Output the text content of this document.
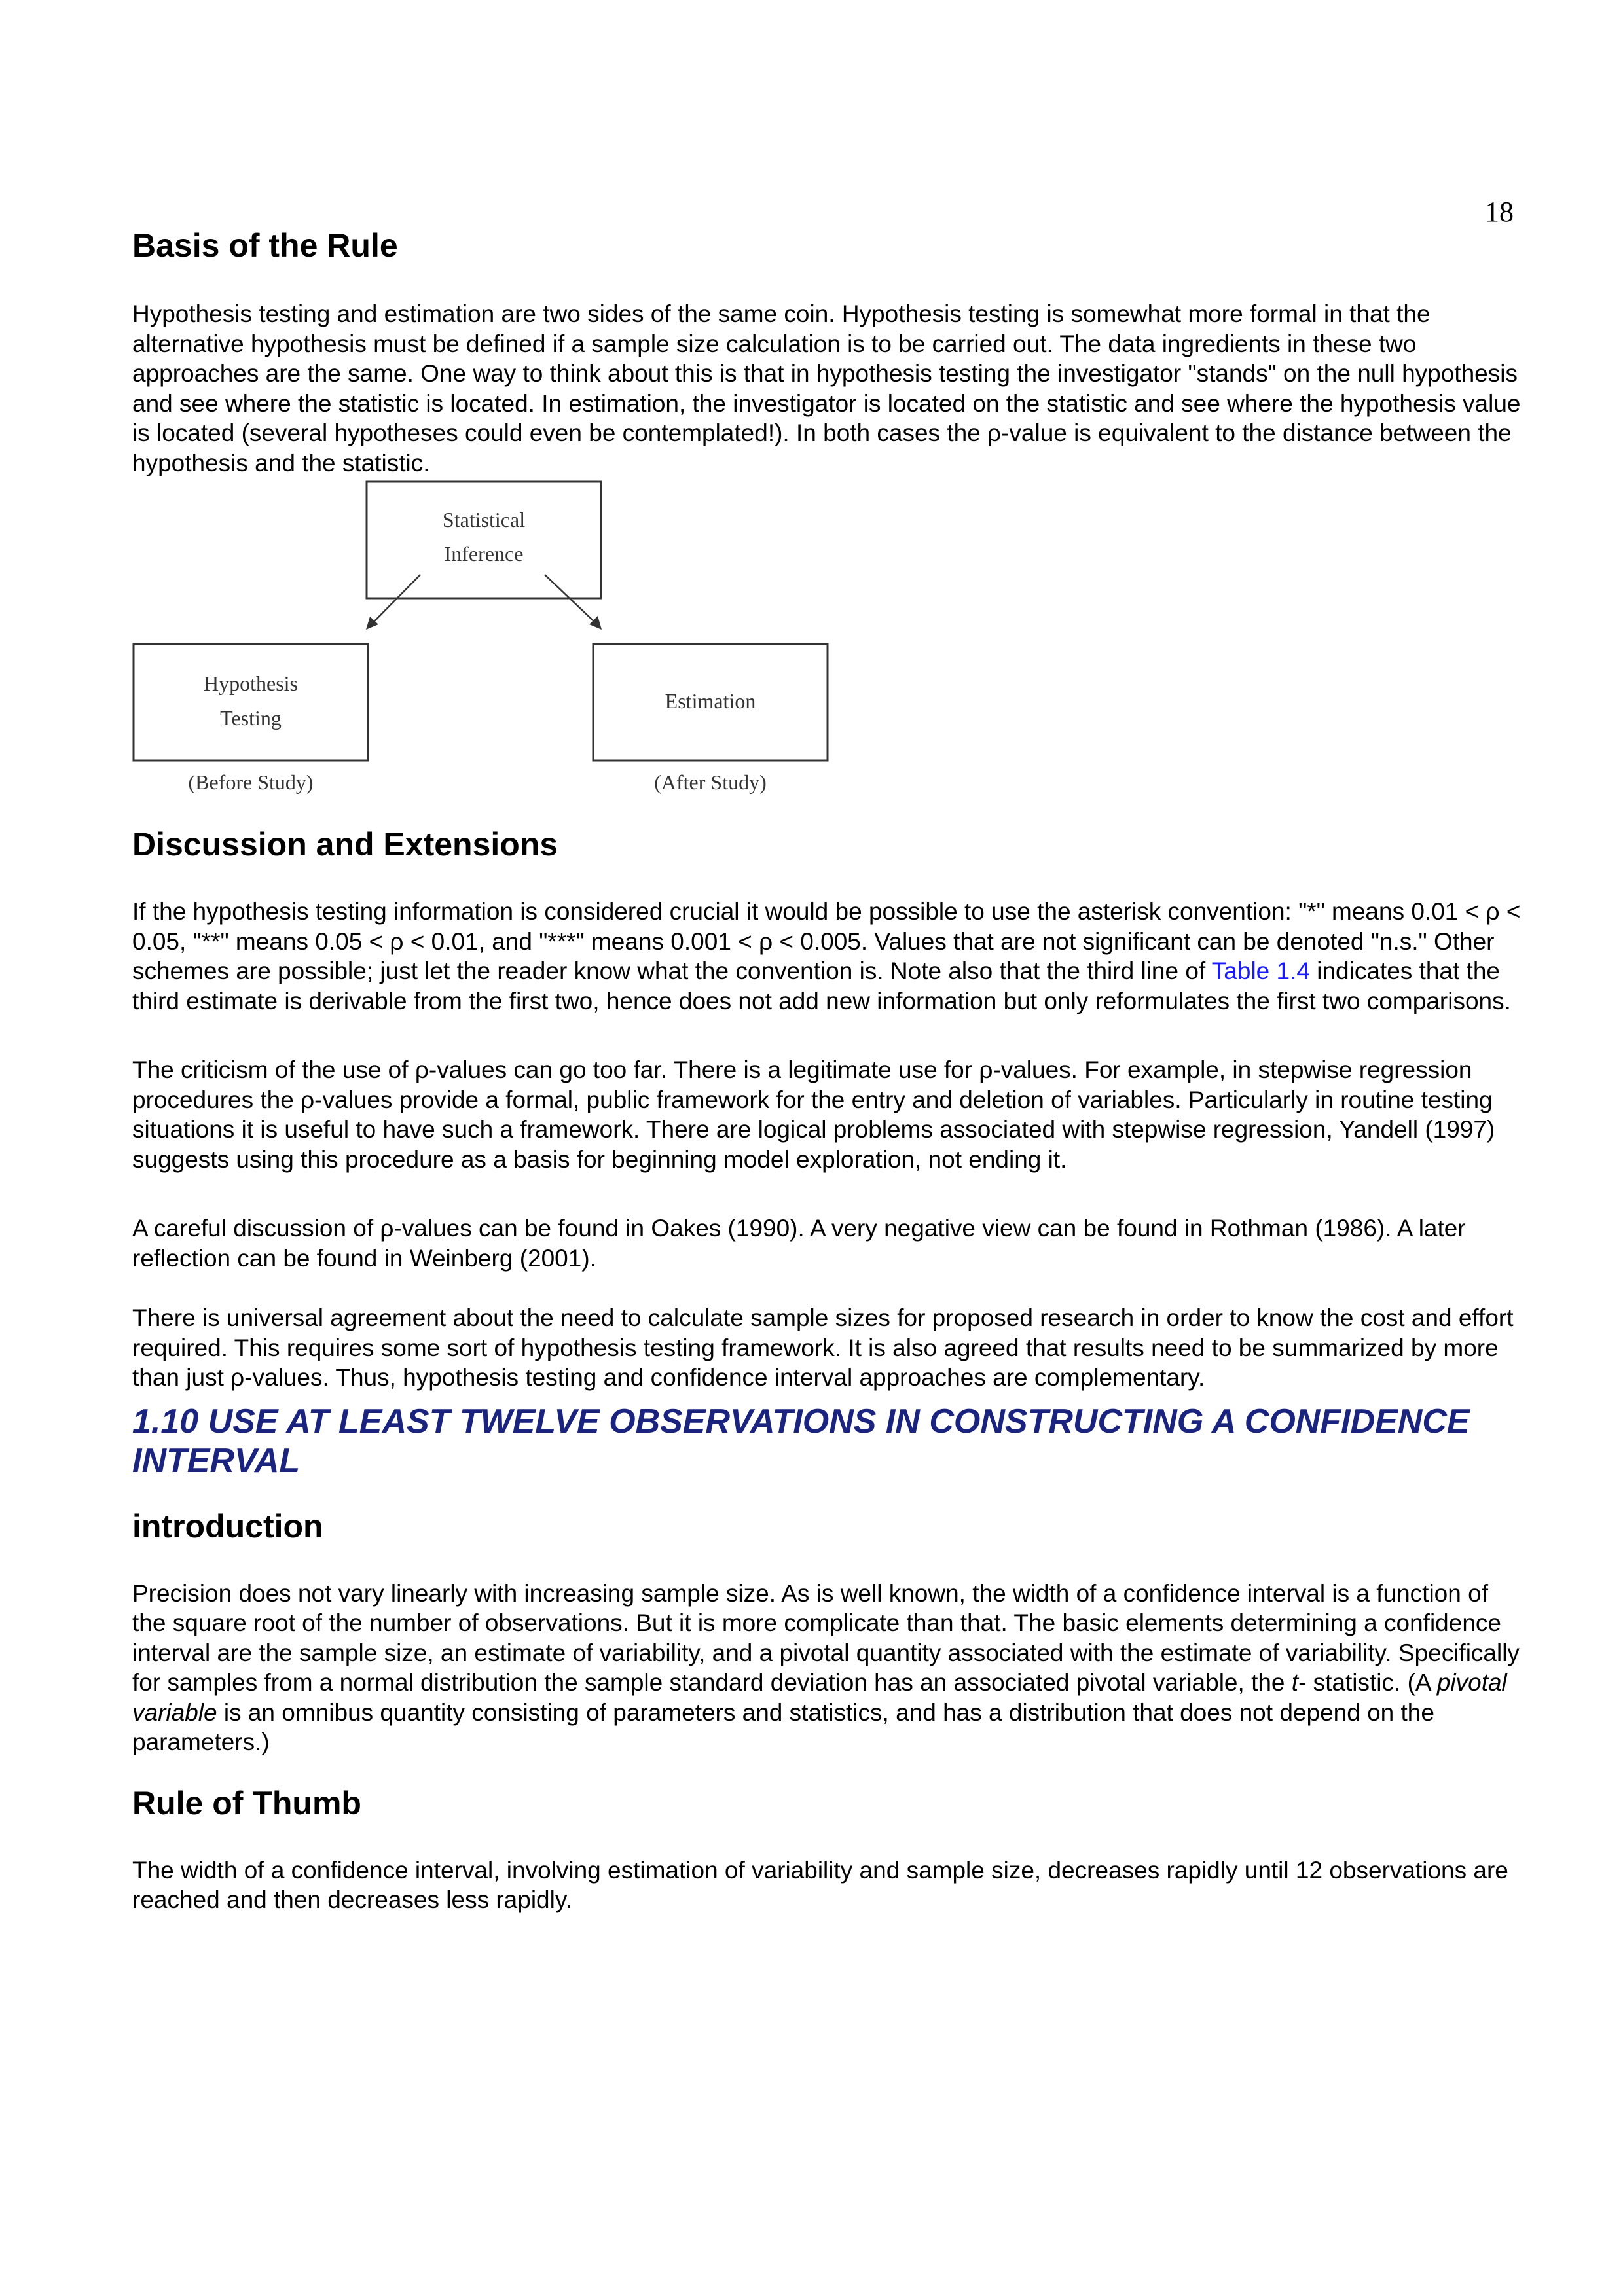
18
Basis of the Rule

Hypothesis testing and estimation are two sides of the same coin. Hypothesis testing is somewhat more formal in that the alternative hypothesis must be defined if a sample size calculation is to be carried out. The data ingredients in these two approaches are the same. One way to think about this is that in hypothesis testing the investigator "stands" on the null hypothesis and see where the statistic is located. In estimation, the investigator is located on the statistic and see where the hypothesis value is located (several hypotheses could even be contemplated!). In both cases the ρ-value is equivalent to the distance between the hypothesis and the statistic.

Statistical
Inference
Hypothesis
Testing
Estimation
(Before Study)	(After Study)
Discussion and Extensions

If the hypothesis testing information is considered crucial it would be possible to use the asterisk convention: "*" means 0.01 < ρ < 0.05, "**" means 0.05 < ρ < 0.01, and "***" means 0.001 < ρ < 0.005. Values that are not significant can be denoted "n.s." Other schemes are possible; just let the reader know what the convention is. Note also that the third line of Table 1.4 indicates that the third estimate is derivable from the first two, hence does not add new information but only reformulates the first two comparisons.

The criticism of the use of ρ-values can go too far. There is a legitimate use for ρ-values. For example, in stepwise regression procedures the ρ-values provide a formal, public framework for the entry and deletion of variables. Particularly in routine testing situations it is useful to have such a framework. There are logical problems associated with stepwise regression, Yandell (1997) suggests using this procedure as a basis for beginning model exploration, not ending it.

A careful discussion of ρ-values can be found in Oakes (1990). A very negative view can be found in Rothman (1986). A later reflection can be found in Weinberg (2001).

There is universal agreement about the need to calculate sample sizes for proposed research in order to know the cost and effort required. This requires some sort of hypothesis testing framework. It is also agreed that results need to be summarized by more than just ρ-values. Thus, hypothesis testing and confidence interval approaches are complementary.

1.10 USE AT LEAST TWELVE OBSERVATIONS IN CONSTRUCTING A CONFIDENCE INTERVAL
introduction

Precision does not vary linearly with increasing sample size. As is well known, the width of a confidence interval is a function of the square root of the number of observations. But it is more complicate than that. The basic elements determining a confidence interval are the sample size, an estimate of variability, and a pivotal quantity associated with the estimate of variability. Specifically for samples from a normal distribution the sample standard deviation has an associated pivotal variable, the t- statistic. (A pivotal variable is an omnibus quantity consisting of parameters and statistics, and has a distribution that does not depend on the parameters.)

Rule of Thumb

The width of a confidence interval, involving estimation of variability and sample size, decreases rapidly until 12 observations are reached and then decreases less rapidly.
